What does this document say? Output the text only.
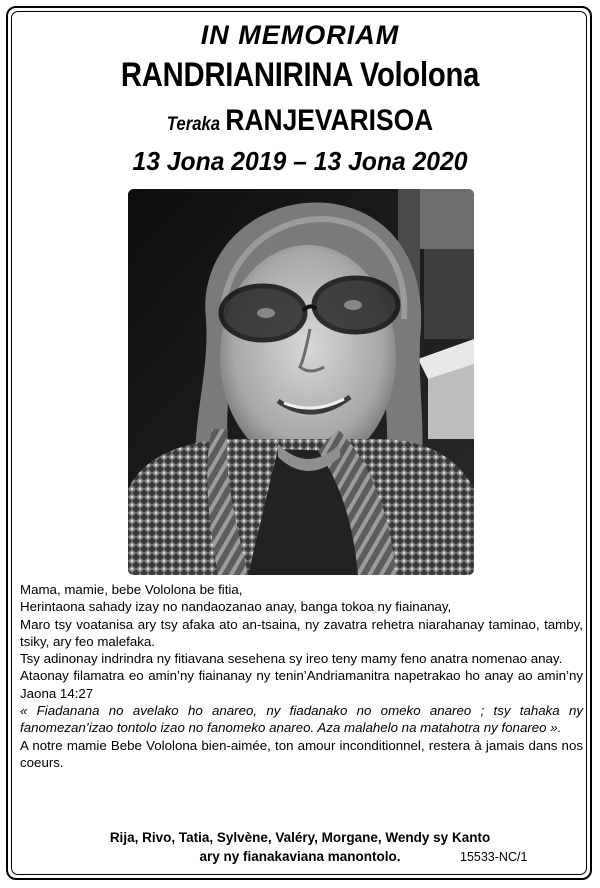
IN MEMORIAM
RANDRIANIRINA Vololona
Teraka RANJEVARISOA
13 Jona 2019 – 13 Jona 2020

Mama, mamie, bebe Vololona be fitia,

Herintaona sahady izay no nandaozanao anay, banga tokoa ny fiainanay,

Maro tsy voatanisa ary tsy afaka ato an-tsaina, ny zavatra rehetra niarahanay taminao, tamby, tsiky, ary feo malefaka.

Tsy adinonay indrindra ny fitiavana sesehena sy ireo teny mamy feno anatra nomenao anay.

Ataonay filamatra eo amin’ny fiainanay ny tenin’Andriamanitra napetrakao ho anay ao amin’ny Jaona 14:27

« Fiadanana no avelako ho anareo, ny fiadanako no omeko anareo ; tsy tahaka ny fanomezan’izao tontolo izao no fanomeko anareo. Aza malahelo na matahotra ny fonareo ».

A notre mamie Bebe Vololona bien-aimée, ton amour inconditionnel, restera à jamais dans nos coeurs.

Rija, Rivo, Tatia, Sylvène, Valéry, Morgane, Wendy sy Kanto

ary ny fianakaviana manontolo.	15533-NC/1
